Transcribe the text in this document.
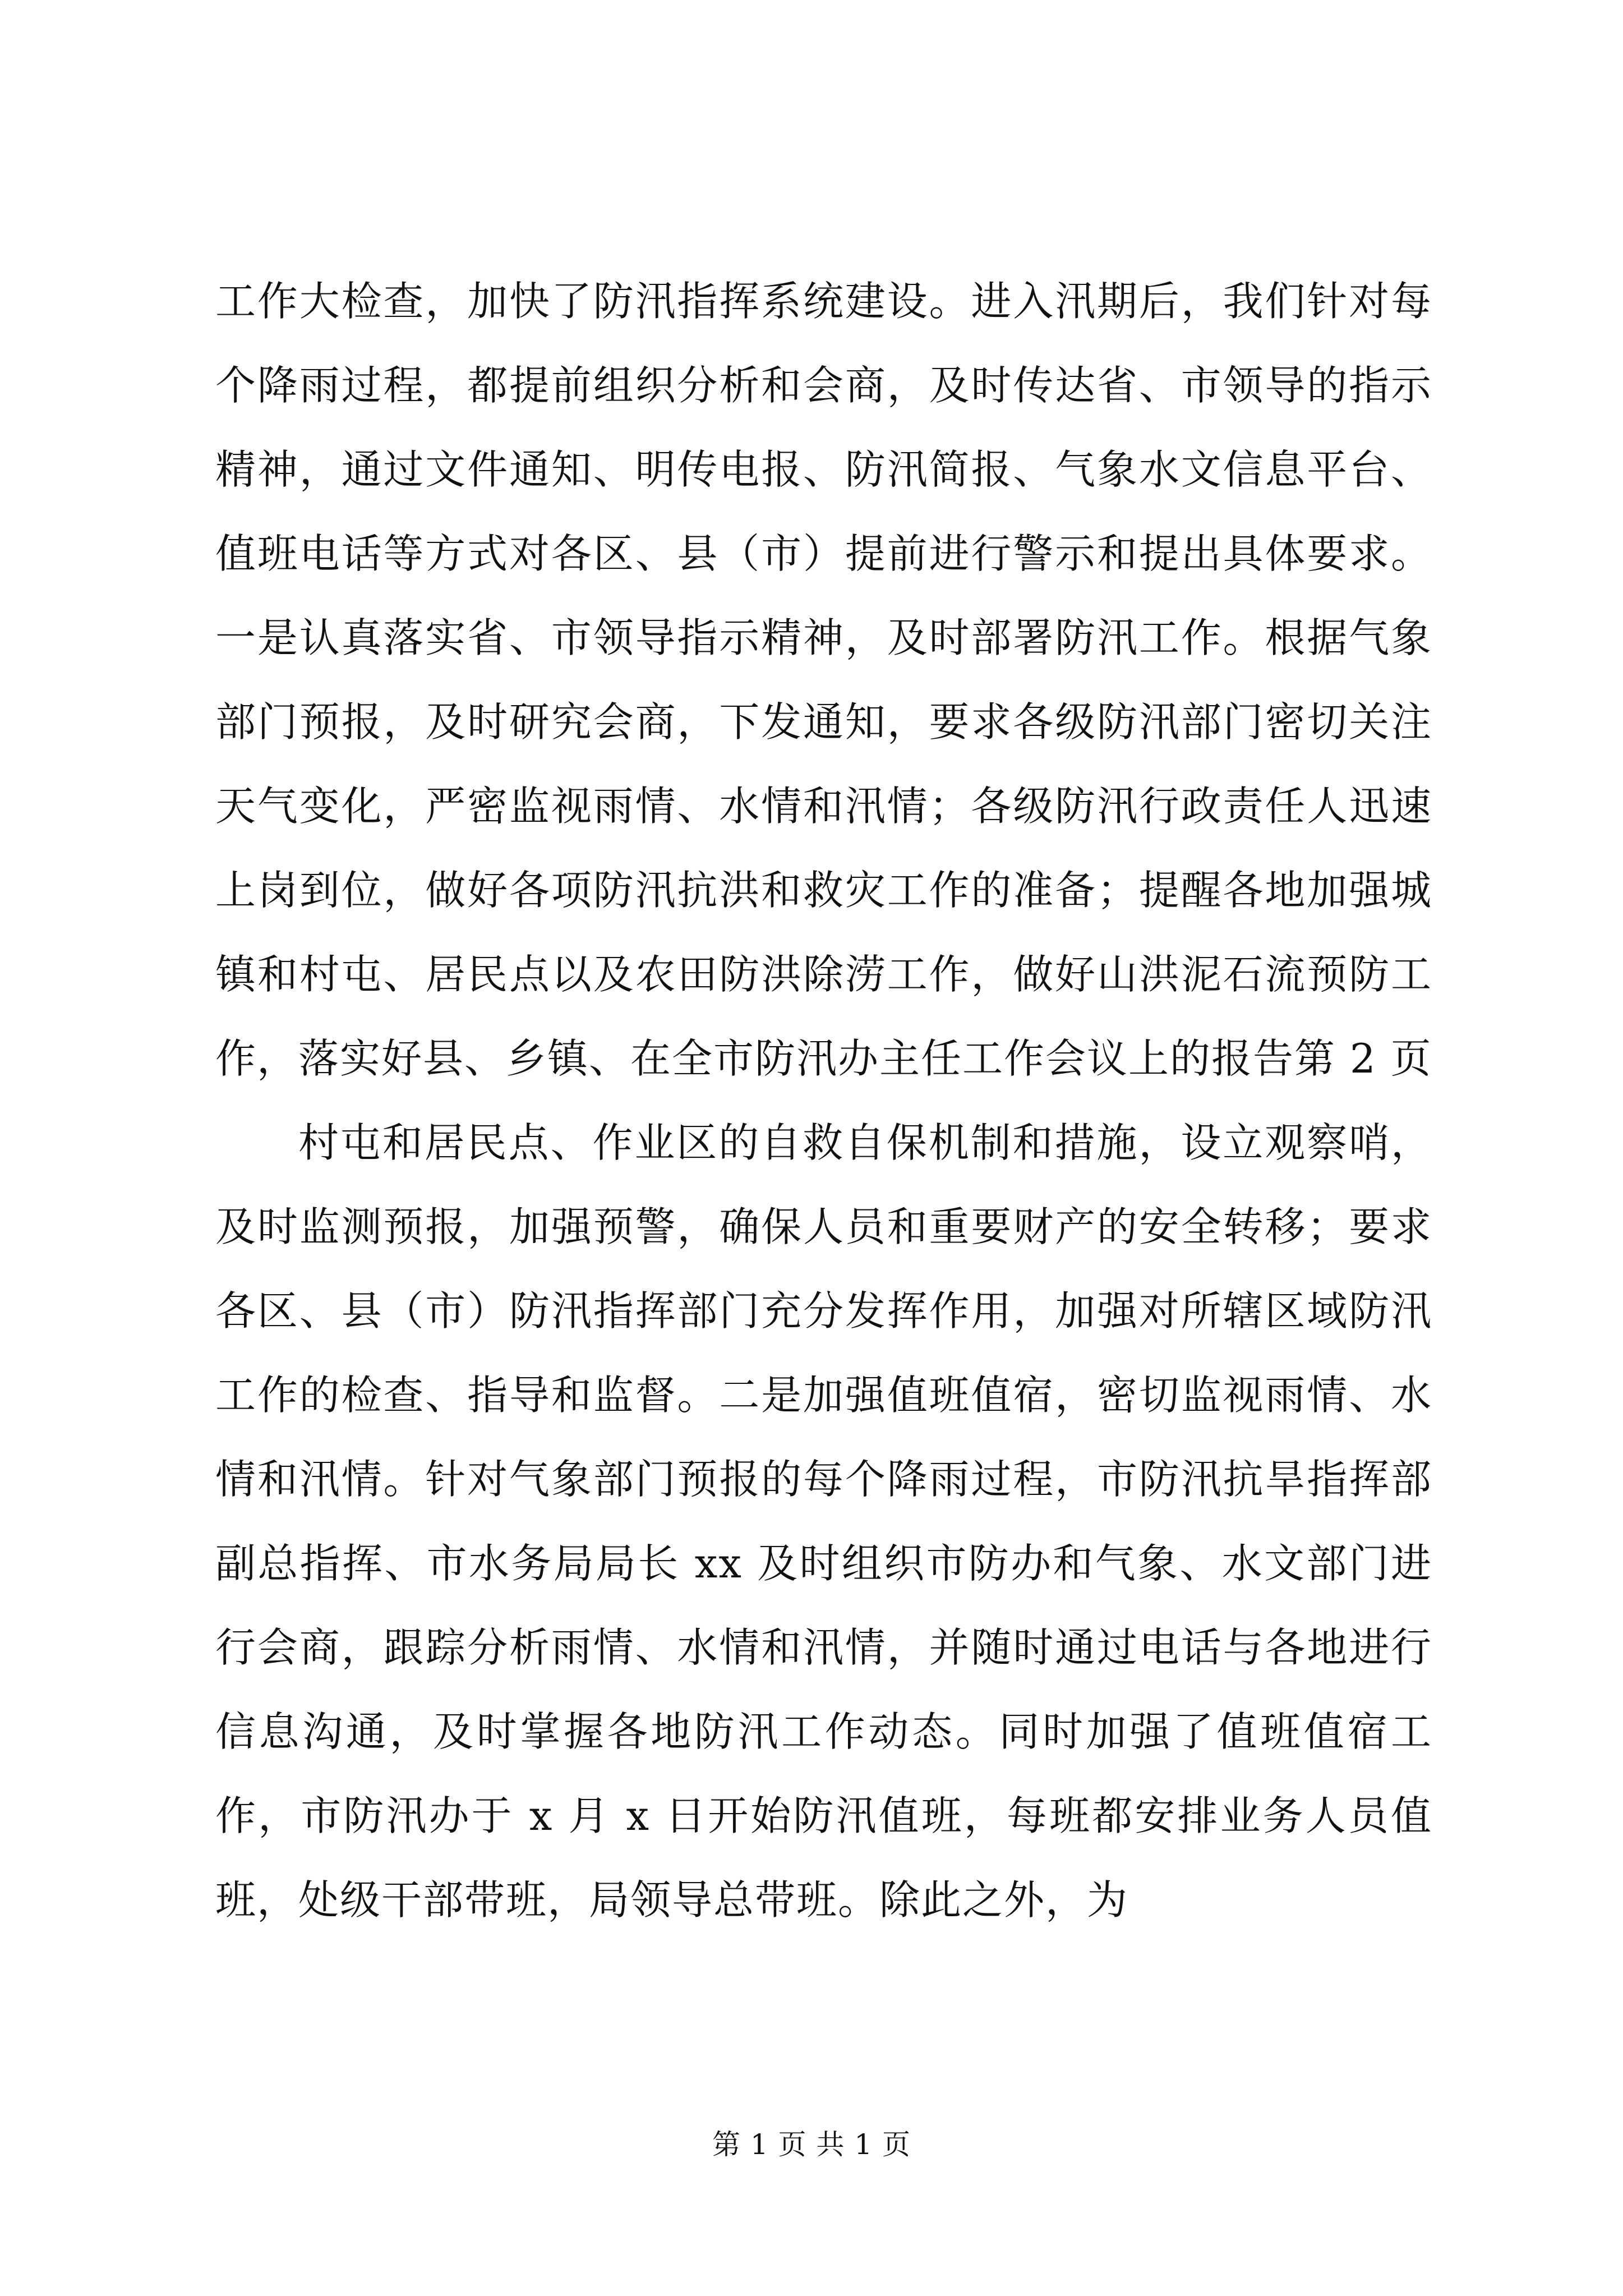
工作大检查，加快了防汛指挥系统建设。进入汛期后，我们针对每个降雨过程，都提前组织分析和会商，及时传达省、市领导的指示精神，通过文件通知、明传电报、防汛简报、气象水文信息平台、值班电话等方式对各区、县（市）提前进行警示和提出具体要求。一是认真落实省、市领导指示精神，及时部署防汛工作。根据气象部门预报，及时研究会商，下发通知，要求各级防汛部门密切关注天气变化，严密监视雨情、水情和汛情；各级防汛行政责任人迅速上岗到位，做好各项防汛抗洪和救灾工作的准备；提醒各地加强城镇和村屯、居民点以及农田防洪除涝工作，做好山洪泥石流预防工作，落实好县、乡镇、在全市防汛办主任工作会议上的报告第 2 页

村屯和居民点、作业区的自救自保机制和措施，设立观察哨，及时监测预报，加强预警，确保人员和重要财产的安全转移；要求各区、县（市）防汛指挥部门充分发挥作用，加强对所辖区域防汛工作的检查、指导和监督。二是加强值班值宿，密切监视雨情、水情和汛情。针对气象部门预报的每个降雨过程，市防汛抗旱指挥部副总指挥、市水务局局长 xx 及时组织市防办和气象、水文部门进行会商，跟踪分析雨情、水情和汛情，并随时通过电话与各地进行信息沟通，及时掌握各地防汛工作动态。同时加强了值班值宿工作，市防汛办于 x 月 x 日开始防汛值班，每班都安排业务人员值班，处级干部带班，局领导总带班。除此之外，为

第 1 页 共 1 页
